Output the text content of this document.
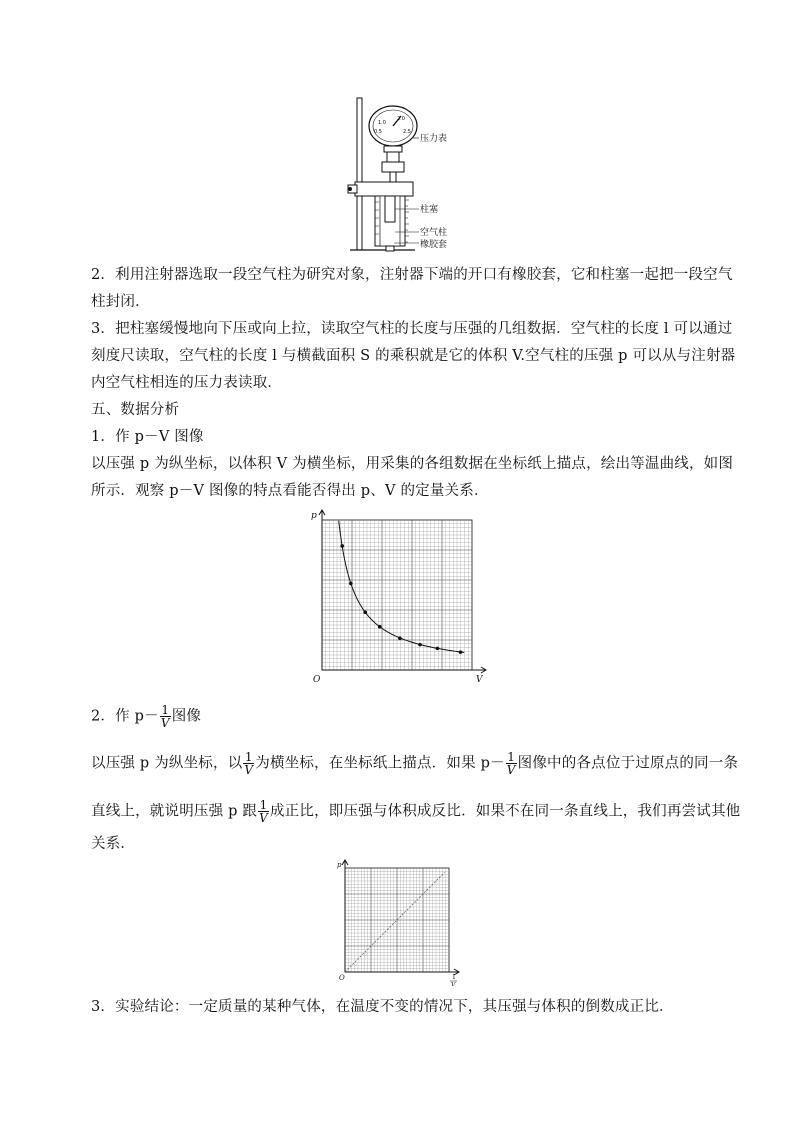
1.0
2.0
0.5	2.5
压力表
柱塞
空气柱
橡胶套
2．利用注射器选取一段空气柱为研究对象，注射器下端的开口有橡胶套，它和柱塞一起把一段空气
柱封闭．
3．把柱塞缓慢地向下压或向上拉，读取空气柱的长度与压强的几组数据．空气柱的长度 l 可以通过
刻度尺读取，空气柱的长度 l 与横截面积 S 的乘积就是它的体积 V.空气柱的压强 p 可以从与注射器
内空气柱相连的压力表读取．
五、数据分析
1．作 p－V 图像
以压强 p 为纵坐标，以体积 V 为横坐标，用采集的各组数据在坐标纸上描点，绘出等温曲线，如图
所示．观察 p－V 图像的特点看能否得出 p、V 的定量关系．
p
V
O
2．作 $p- \frac{1}{V}$ 图像
以压强 p 为纵坐标，以 $\frac{1}{V}$ 为横坐标，在坐标纸上描点．如果 $p- \frac{1}{V}$ 图像中的各点位于过原点的同一条
直线上，就说明压强 p 跟 $\frac{1}{V}$ 成正比，即压强与体积成反比．如果不在同一条直线上，我们再尝试其他
关系．
p
O	1
V
3．实验结论：一定质量的某种气体，在温度不变的情况下，其压强与体积的倒数成正比．
